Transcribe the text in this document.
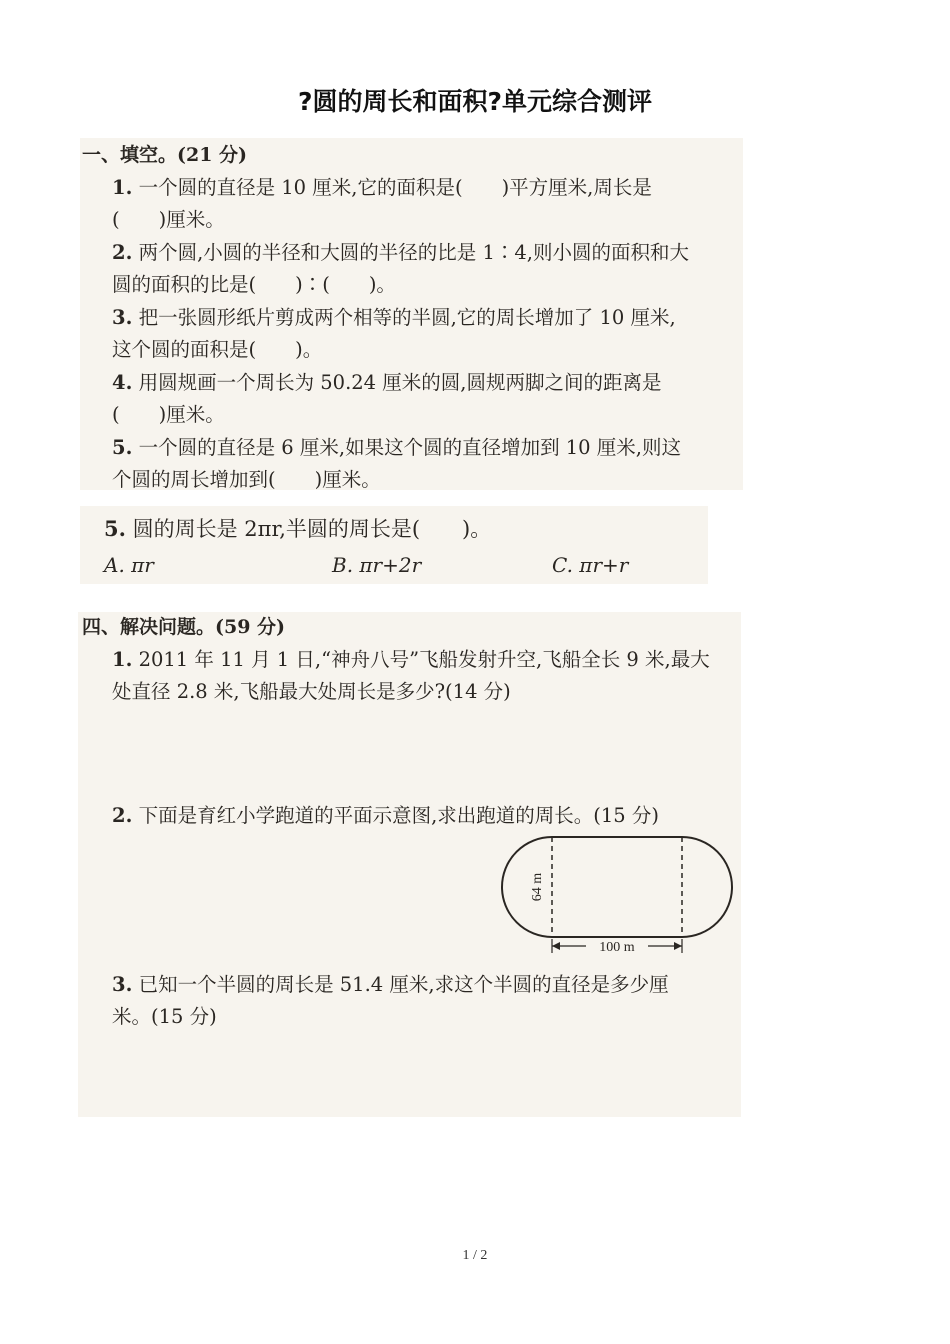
?圆的周长和面积?单元综合测评
一、填空。(21 分)
1. 一个圆的直径是 10 厘米,它的面积是(　　)平方厘米,周长是
(　　)厘米。
2. 两个圆,小圆的半径和大圆的半径的比是 1∶4,则小圆的面积和大
圆的面积的比是(　　)∶(　　)。
3. 把一张圆形纸片剪成两个相等的半圆,它的周长增加了 10 厘米,
这个圆的面积是(　　)。
4. 用圆规画一个周长为 50.24 厘米的圆,圆规两脚之间的距离是
(　　)厘米。
5. 一个圆的直径是 6 厘米,如果这个圆的直径增加到 10 厘米,则这
个圆的周长增加到(　　)厘米。
5. 圆的周长是 2πr,半圆的周长是(　　)。
A. πr	B. πr+2r	C. πr+r
四、解决问题。(59 分)
1. 2011 年 11 月 1 日,“神舟八号”飞船发射升空,飞船全长 9 米,最大
处直径 2.8 米,飞船最大处周长是多少?(14 分)
2. 下面是育红小学跑道的平面示意图,求出跑道的周长。(15 分)
64 m
100 m
3. 已知一个半圆的周长是 51.4 厘米,求这个半圆的直径是多少厘
米。(15 分)
1 / 2
